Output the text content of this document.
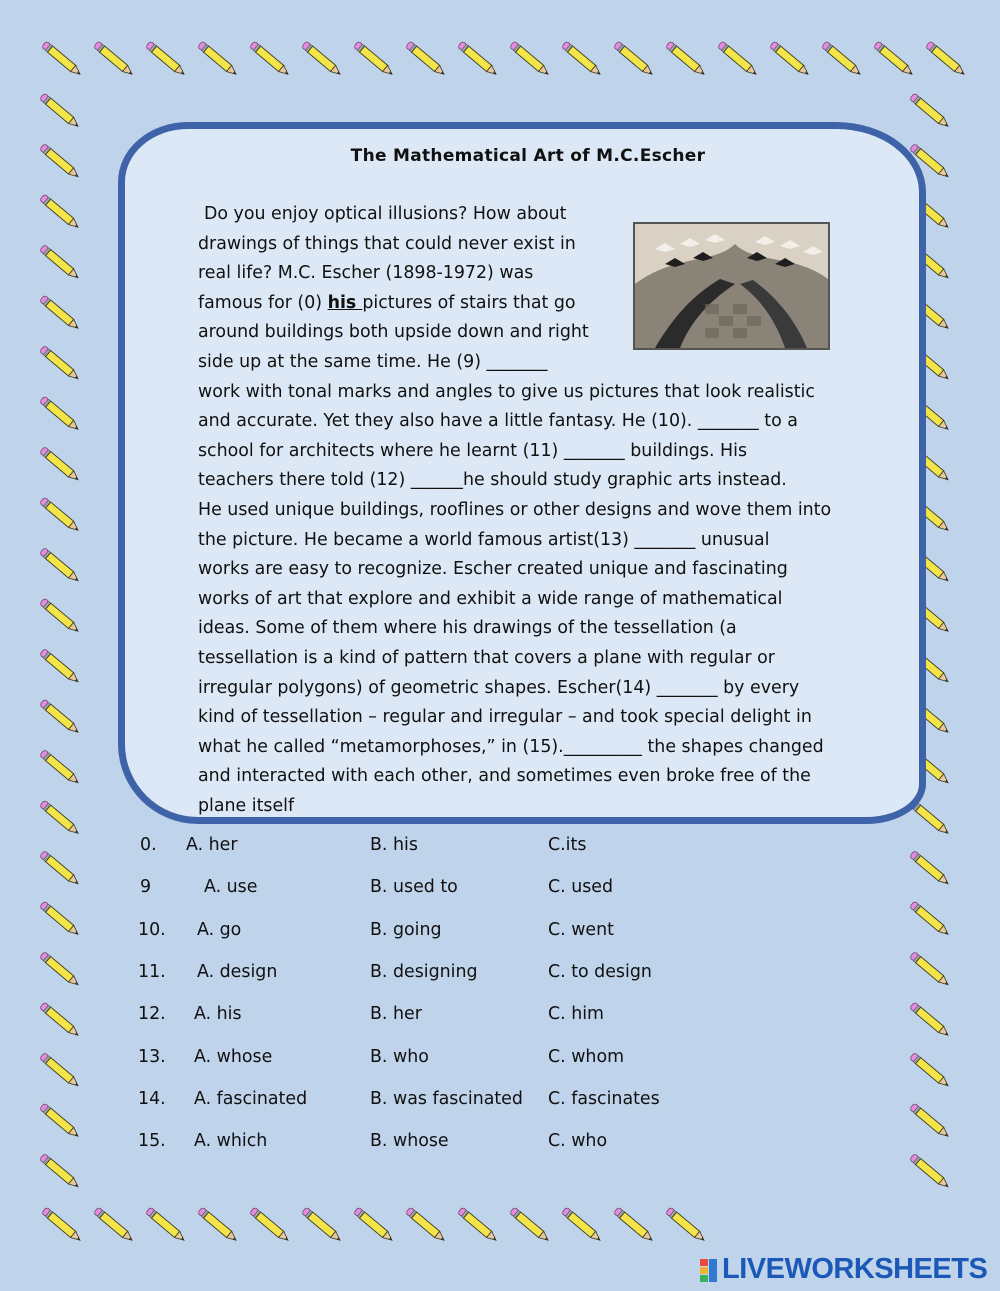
The Mathematical Art of M.C.Escher
Do you enjoy optical illusions? How about
drawings of things that could never exist in
real life? M.C. Escher (1898-1972) was
famous for (0) his pictures of stairs that go
around buildings both upside down and right
side up at the same time. He (9) _______
work with tonal marks and angles to give us pictures that look realistic
and accurate. Yet they also have a little fantasy. He (10). _______ to a
school for architects where he learnt (11) _______ buildings. His
teachers there told (12) ______he should study graphic arts instead.
He used unique buildings, rooflines or other designs and wove them into
the picture. He became a world famous artist(13) _______ unusual
works are easy to recognize. Escher created unique and fascinating
works of art that explore and exhibit a wide range of mathematical
ideas. Some of them where his drawings of the tessellation (a
tessellation is a kind of pattern that covers a plane with regular or
irregular polygons) of geometric shapes. Escher(14) _______ by every
kind of tessellation – regular and irregular – and took special delight in
what he called “metamorphoses,” in (15)._________ the shapes changed
and interacted with each other, and sometimes even broke free of the
plane itself
0. A. her	B. his	C.its
9	A. use	B. used to	C. used
10. A. go	B. going	C. went
11. A. design	B. designing	C. to design
12. A. his	B. her	C. him
13. A. whose	B. who	C. whom
14. A. fascinated	B. was fascinated C. fascinates
15. A. which	B. whose	C. who
LIVEWORKSHEETS
